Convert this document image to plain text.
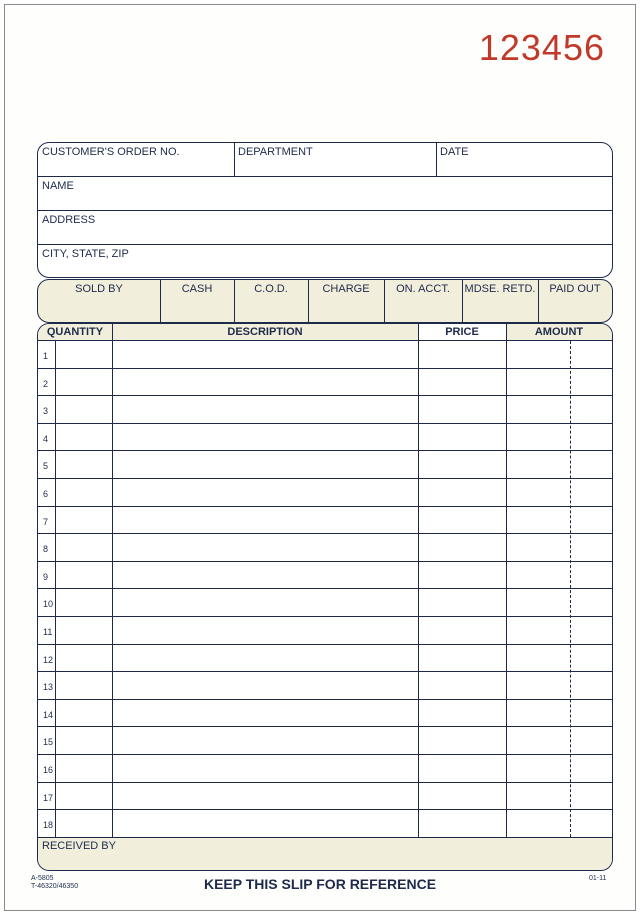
123456
CUSTOMER'S ORDER NO.	DEPARTMENT	DATE
NAME
ADDRESS
CITY, STATE, ZIP
SOLD BY	CASH	C.O.D.	CHARGE	ON. ACCT.	MDSE. RETD.	PAID OUT
QUANTITY	DESCRIPTION	PRICE	AMOUNT
1
2
3
4
5
6
7
8
9
10
11
12
13
14
15
16
17
18
RECEIVED BY
A-5805
T-46320/46350
01-11
KEEP THIS SLIP FOR REFERENCE
